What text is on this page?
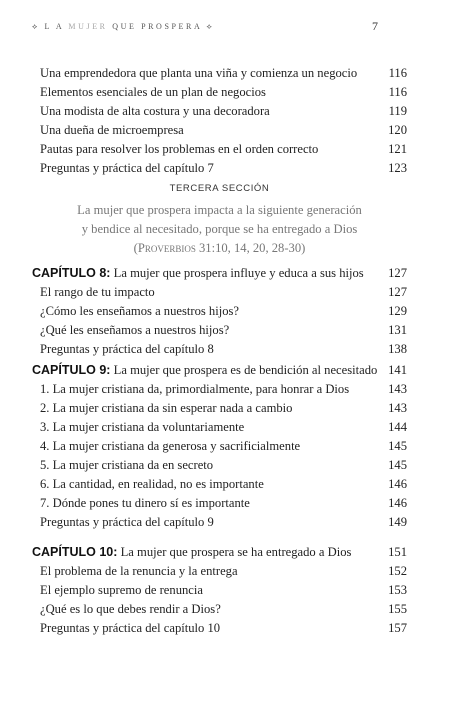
⟡ L A MUJER QUE PROSPERA ⟡	7
Una emprendedora que planta una viña y comienza un negocio 116
Elementos esenciales de un plan de negocios	116
Una modista de alta costura y una decoradora	119
Una dueña de microempresa	120
Pautas para resolver los problemas en el orden correcto	121
Preguntas y práctica del capítulo 7	123
TERCERA SECCIÓN
La mujer que prospera impacta a la siguiente generación
y bendice al necesitado, porque se ha entregado a Dios
(Proverbios 31:10, 14, 20, 28-30)
CAPÍTULO 8: La mujer que prospera influye y educa a sus hijos 127
El rango de tu impacto	127
¿Cómo les enseñamos a nuestros hijos?	129
¿Qué les enseñamos a nuestros hijos?	131
Preguntas y práctica del capítulo 8	138
CAPÍTULO 9: La mujer que prospera es de bendición al necesitado 141
1. La mujer cristiana da, primordialmente, para honrar a Dios	143
2. La mujer cristiana da sin esperar nada a cambio	143
3. La mujer cristiana da voluntariamente	144
4. La mujer cristiana da generosa y sacrificialmente	145
5. La mujer cristiana da en secreto	145
6. La cantidad, en realidad, no es importante	146
7. Dónde pones tu dinero sí es importante	146
Preguntas y práctica del capítulo 9	149
CAPÍTULO 10: La mujer que prospera se ha entregado a Dios	151
El problema de la renuncia y la entrega	152
El ejemplo supremo de renuncia	153
¿Qué es lo que debes rendir a Dios?	155
Preguntas y práctica del capítulo 10	157
